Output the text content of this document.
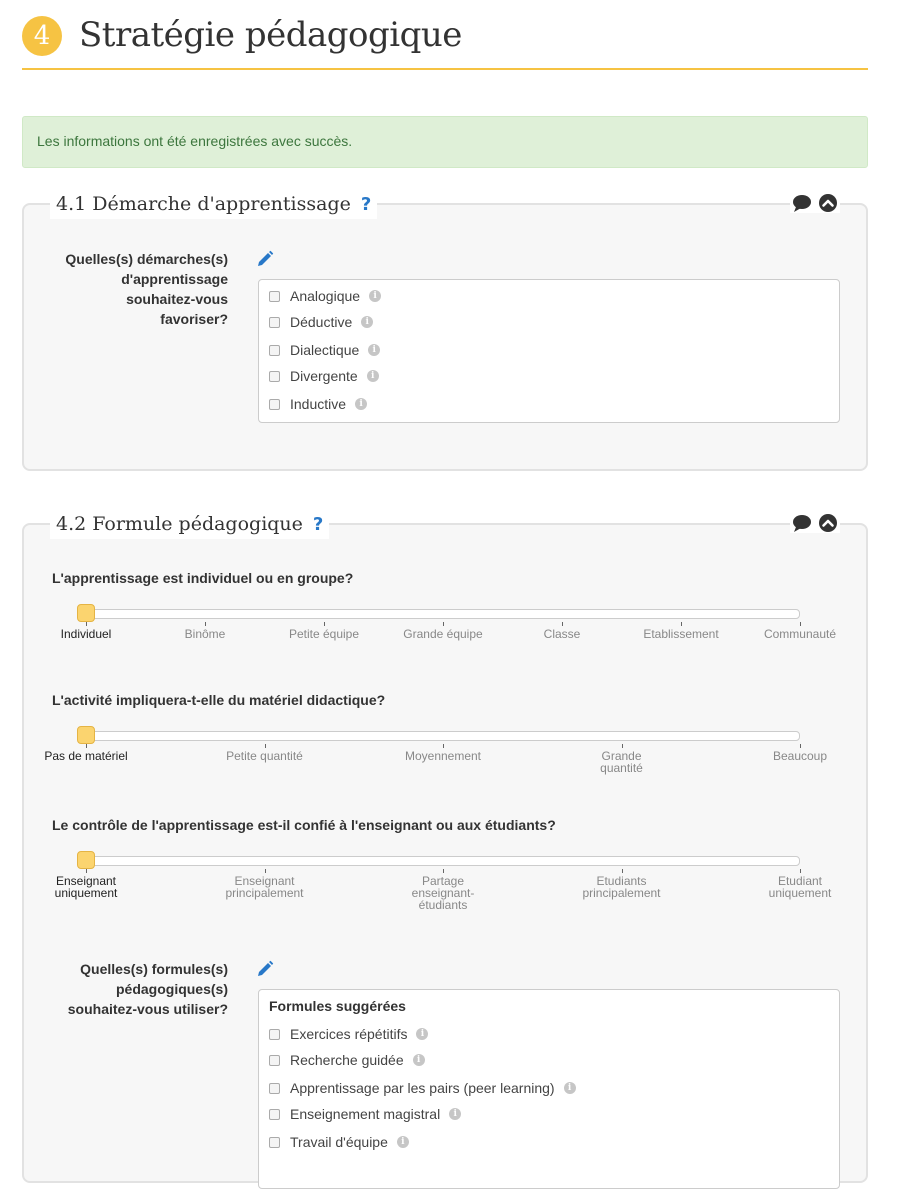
4 Stratégie pédagogique
Les informations ont été enregistrées avec succès.
4.1 Démarche d'apprentissage ?
Quelles(s) démarches(s)
d'apprentissage
souhaitez-vous
favoriser?
Analogique	i
Déductive	i
Dialectique	i
Divergente	i
Inductive	i
4.2 Formule pédagogique ?
L'apprentissage est individuel ou en groupe?
Individuel	Binôme	Petite équipe	Grande équipe	Classe	Etablissement	Communauté
L'activité impliquera-t-elle du matériel didactique?
Pas de matériel	Petite quantité	Moyennement	Grande
quantité
Beaucoup
Le contrôle de l'apprentissage est-il confié à l'enseignant ou aux étudiants?
Enseignant
uniquement
Enseignant
principalement
Partage
enseignant-
étudiants
Etudiants
principalement
Etudiant
uniquement
Quelles(s) formules(s)
pédagogiques(s)
souhaitez-vous utiliser?	Formules suggérées
Exercices répétitifs	i
Recherche guidée	i
Apprentissage par les pairs (peer learning)	i
Enseignement magistral	i
Travail d'équipe	i
